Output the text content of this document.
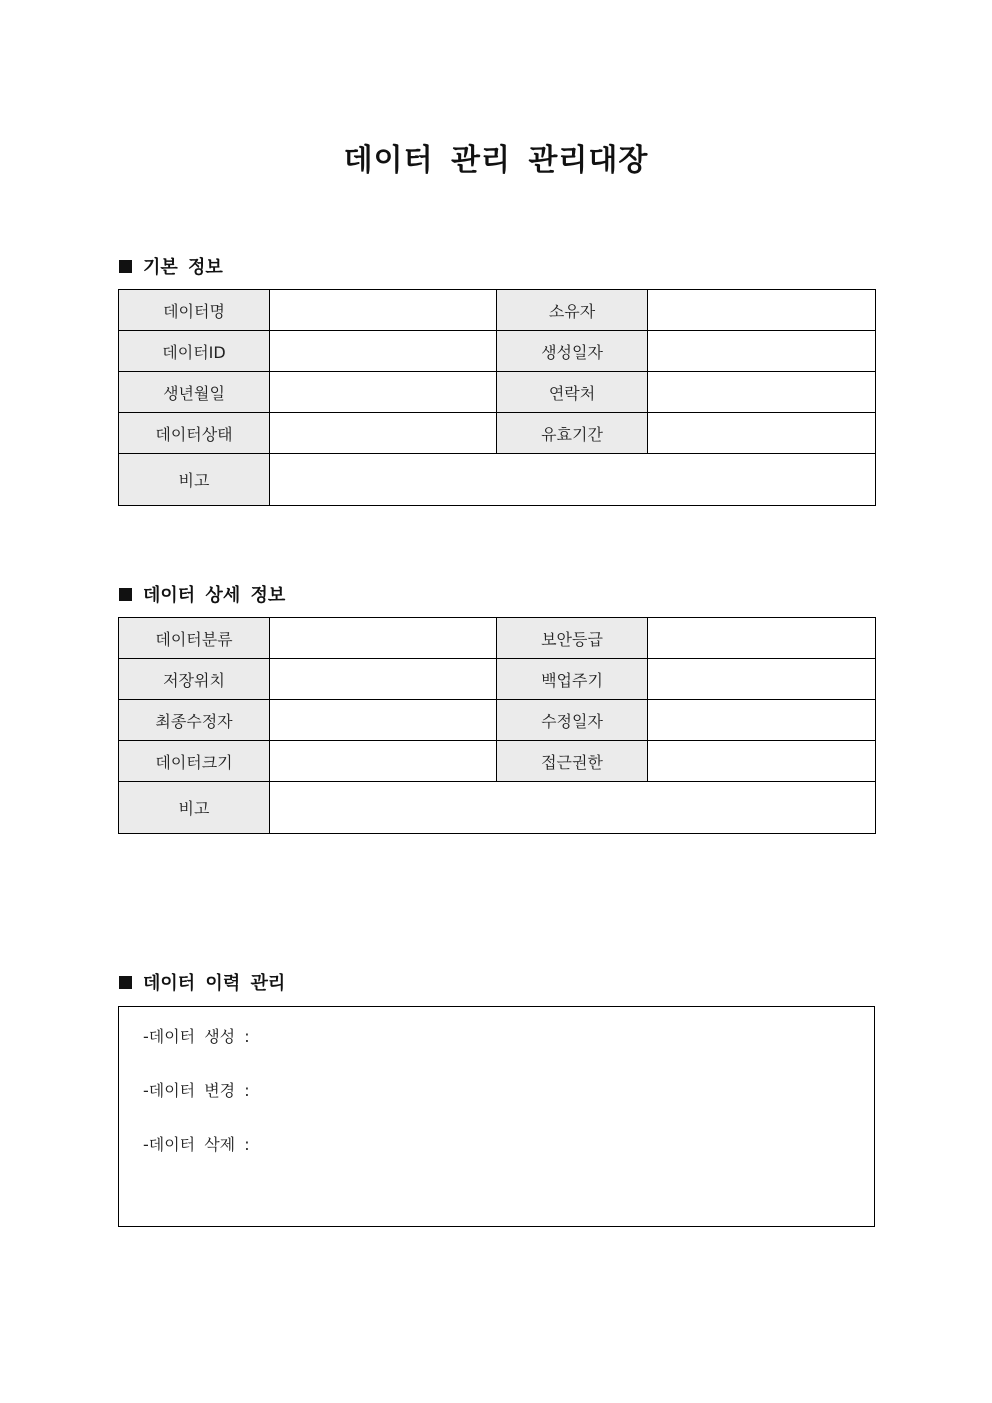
데이터 관리 관리대장
기본 정보
데이터명		소유자	
데이터ID		생성일자	
생년월일		연락처	
데이터상태		유효기간	
비고			
데이터 상세 정보
데이터분류		보안등급	
저장위치		백업주기	
최종수정자		수정일자	
데이터크기		접근권한	
비고			
데이터 이력 관리
-데이터 생성 :
-데이터 변경 :
-데이터 삭제 :
